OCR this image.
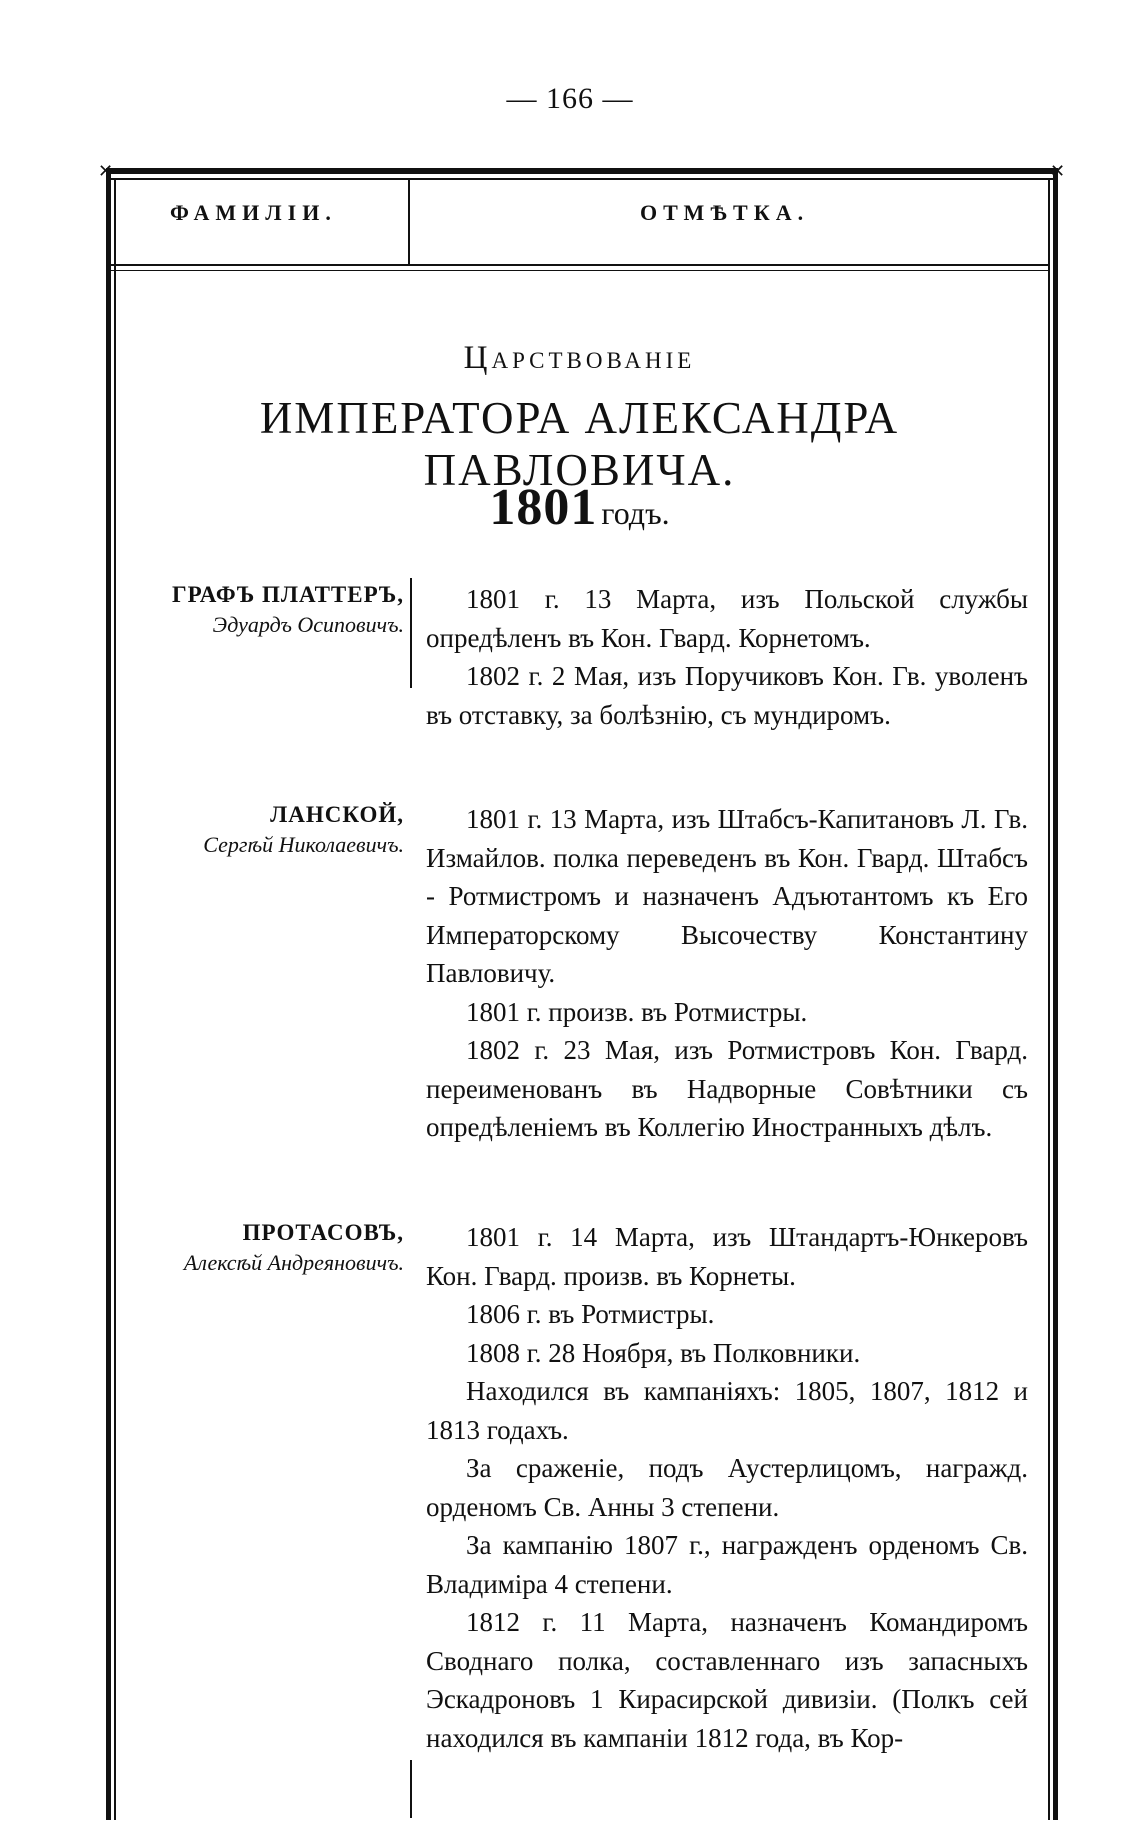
— 166 —
✕	✕
ФАМИЛІИ.	ОТМѢТКА.
Царствованіе
ИМПЕРАТОРА АЛЕКСАНДРА ПАВЛОВИЧА.
1801 годъ.
ГРАФЪ ПЛАТТЕРЪ,
Эдуардъ Осиповичъ.

1801 г. 13 Марта, изъ Польской службы опредѣленъ въ Кон. Гвард. Корнетомъ.

1802 г. 2 Мая, изъ Поручиковъ Кон. Гв. уволенъ въ отставку, за болѣзнію, съ мундиромъ.

ЛАНСКОЙ,
Сергѣй Николаевичъ.

1801 г. 13 Марта, изъ Штабсъ-Капитановъ Л. Гв. Измайлов. полка переведенъ въ Кон. Гвард. Штабсъ - Ротмистромъ и назначенъ Адъютантомъ къ Его Императорскому Высочеству Константину Павловичу.

1801 г. произв. въ Ротмистры.

1802 г. 23 Мая, изъ Ротмистровъ Кон. Гвард. переименованъ въ Надворные Совѣтники съ опредѣленіемъ въ Коллегію Иностранныхъ дѣлъ.

ПРОТАСОВЪ,
Алексѣй Андреяновичъ.

1801 г. 14 Марта, изъ Штандартъ-Юнкеровъ Кон. Гвард. произв. въ Корнеты.

1806 г. въ Ротмистры.

1808 г. 28 Ноября, въ Полковники.

Находился въ кампаніяхъ: 1805, 1807, 1812 и 1813 годахъ.

За сраженіе, подъ Аустерлицомъ, награжд. орденомъ Св. Анны 3 степени.

За кампанію 1807 г., награжденъ орденомъ Св. Владиміра 4 степени.

1812 г. 11 Марта, назначенъ Командиромъ Своднаго полка, составленнаго изъ запасныхъ Эскадроновъ 1 Кирасирской дивизіи. (Полкъ сей находился въ кампаніи 1812 года, въ Кор-
